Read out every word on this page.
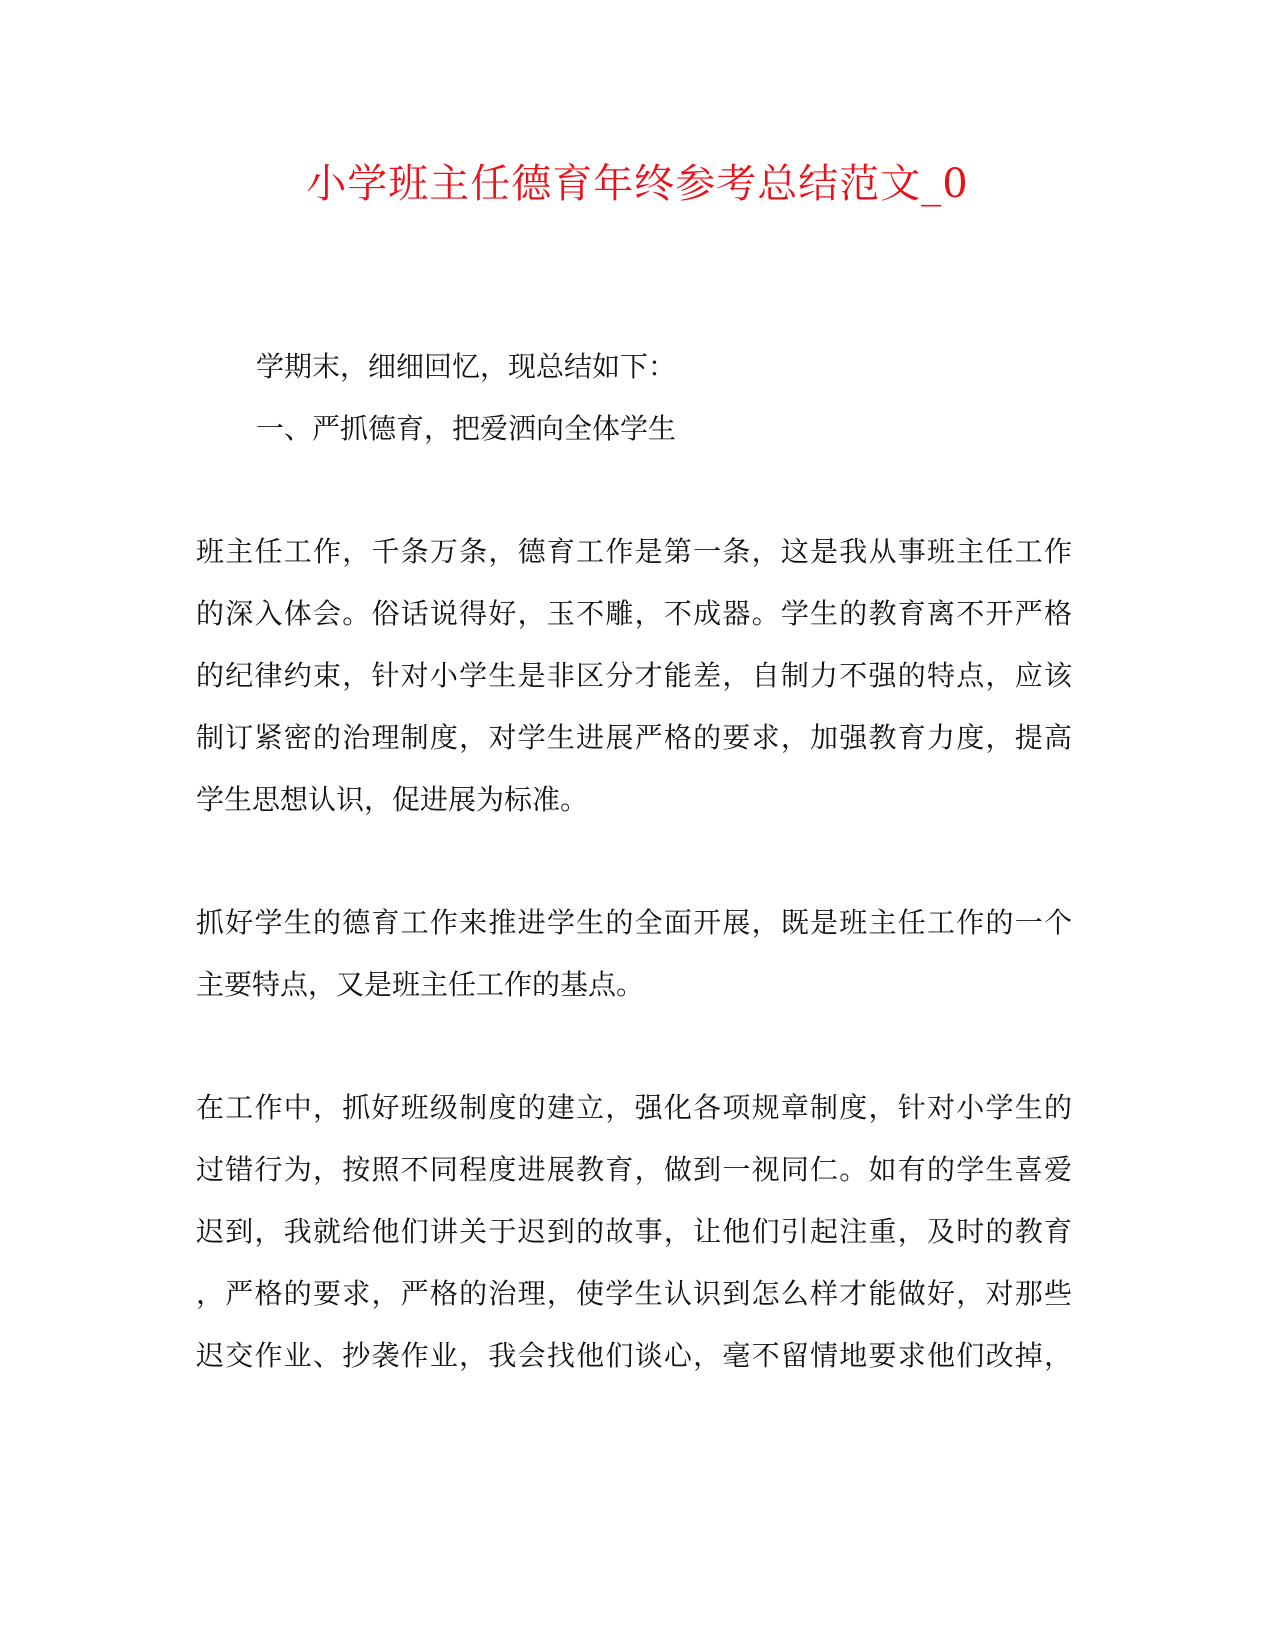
小学班主任德育年终参考总结范文_0
学期末，细细回忆，现总结如下：
一、严抓德育，把爱洒向全体学生
班主任工作，千条万条，德育工作是第一条，这是我从事班主任工作
的深入体会。俗话说得好，玉不雕，不成器。学生的教育离不开严格
的纪律约束，针对小学生是非区分才能差，自制力不强的特点，应该
制订紧密的治理制度，对学生进展严格的要求，加强教育力度，提高
学生思想认识，促进展为标准。
抓好学生的德育工作来推进学生的全面开展，既是班主任工作的一个
主要特点，又是班主任工作的基点。
在工作中，抓好班级制度的建立，强化各项规章制度，针对小学生的
过错行为，按照不同程度进展教育，做到一视同仁。如有的学生喜爱
迟到，我就给他们讲关于迟到的故事，让他们引起注重，及时的教育
，严格的要求，严格的治理，使学生认识到怎么样才能做好，对那些
迟交作业、抄袭作业，我会找他们谈心，毫不留情地要求他们改掉，
